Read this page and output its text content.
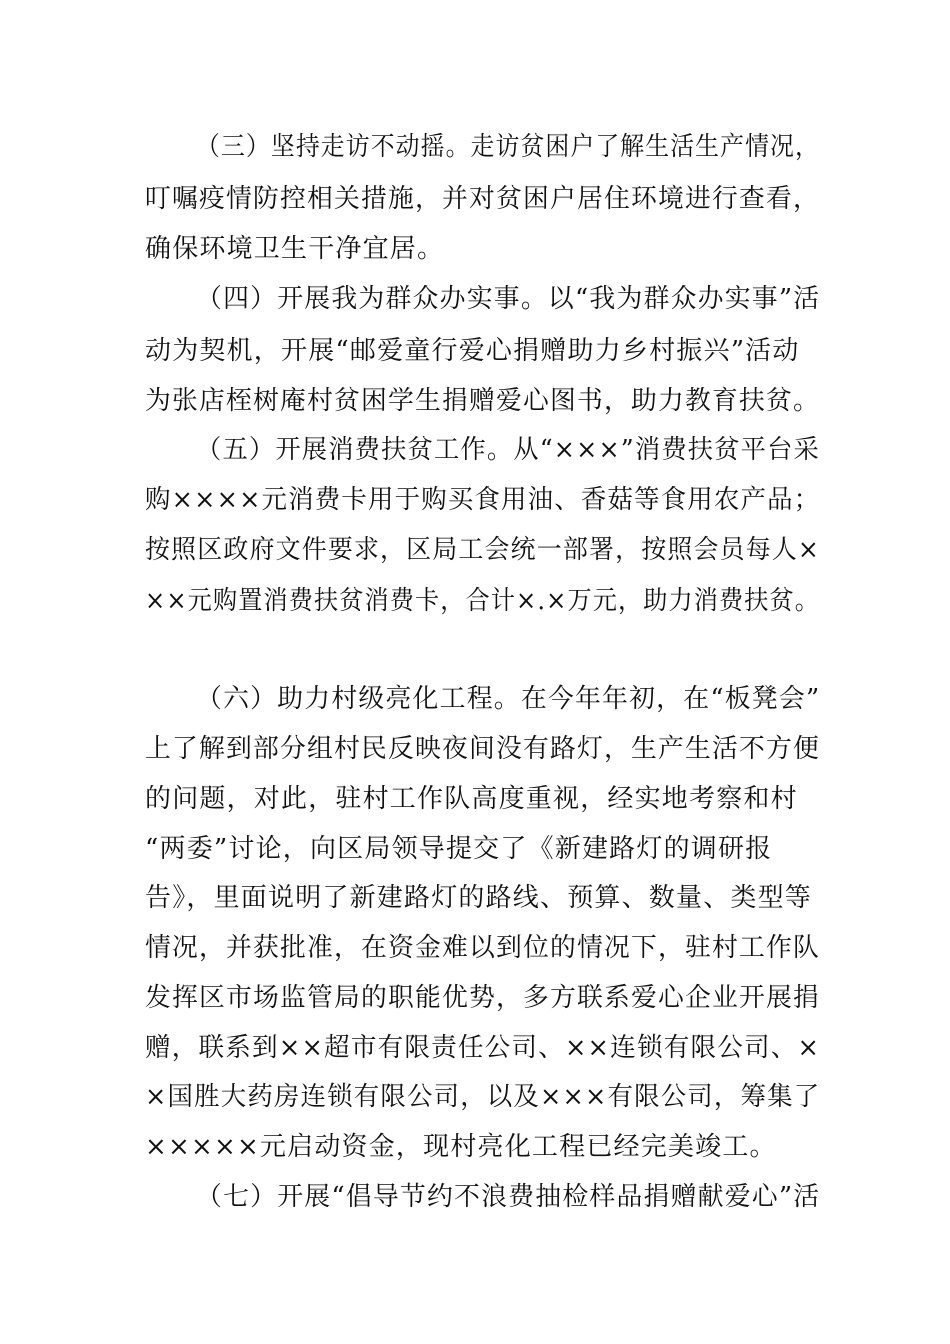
（三）坚持走访不动摇。走访贫困户了解生活生产情况，
叮嘱疫情防控相关措施，并对贫困户居住环境进行查看，
确保环境卫生干净宜居。
（四）开展我为群众办实事。以“我为群众办实事”活
动为契机，开展“邮爱童行爱心捐赠助力乡村振兴”活动
为张店桎树庵村贫困学生捐赠爱心图书，助力教育扶贫。
（五）开展消费扶贫工作。从“×××”消费扶贫平台采
购××××元消费卡用于购买食用油、香菇等食用农产品；
按照区政府文件要求，区局工会统一部署，按照会员每人×
××元购置消费扶贫消费卡，合计×.×万元，助力消费扶贫。
（六）助力村级亮化工程。在今年年初，在“板凳会”
上了解到部分组村民反映夜间没有路灯，生产生活不方便
的问题，对此，驻村工作队高度重视，经实地考察和村
“两委”讨论，向区局领导提交了《新建路灯的调研报
告》，里面说明了新建路灯的路线、预算、数量、类型等
情况，并获批准，在资金难以到位的情况下，驻村工作队
发挥区市场监管局的职能优势，多方联系爱心企业开展捐
赠，联系到××超市有限责任公司、××连锁有限公司、×
×国胜大药房连锁有限公司，以及×××有限公司，筹集了
×××××元启动资金，现村亮化工程已经完美竣工。
（七）开展“倡导节约不浪费抽检样品捐赠献爱心”活
